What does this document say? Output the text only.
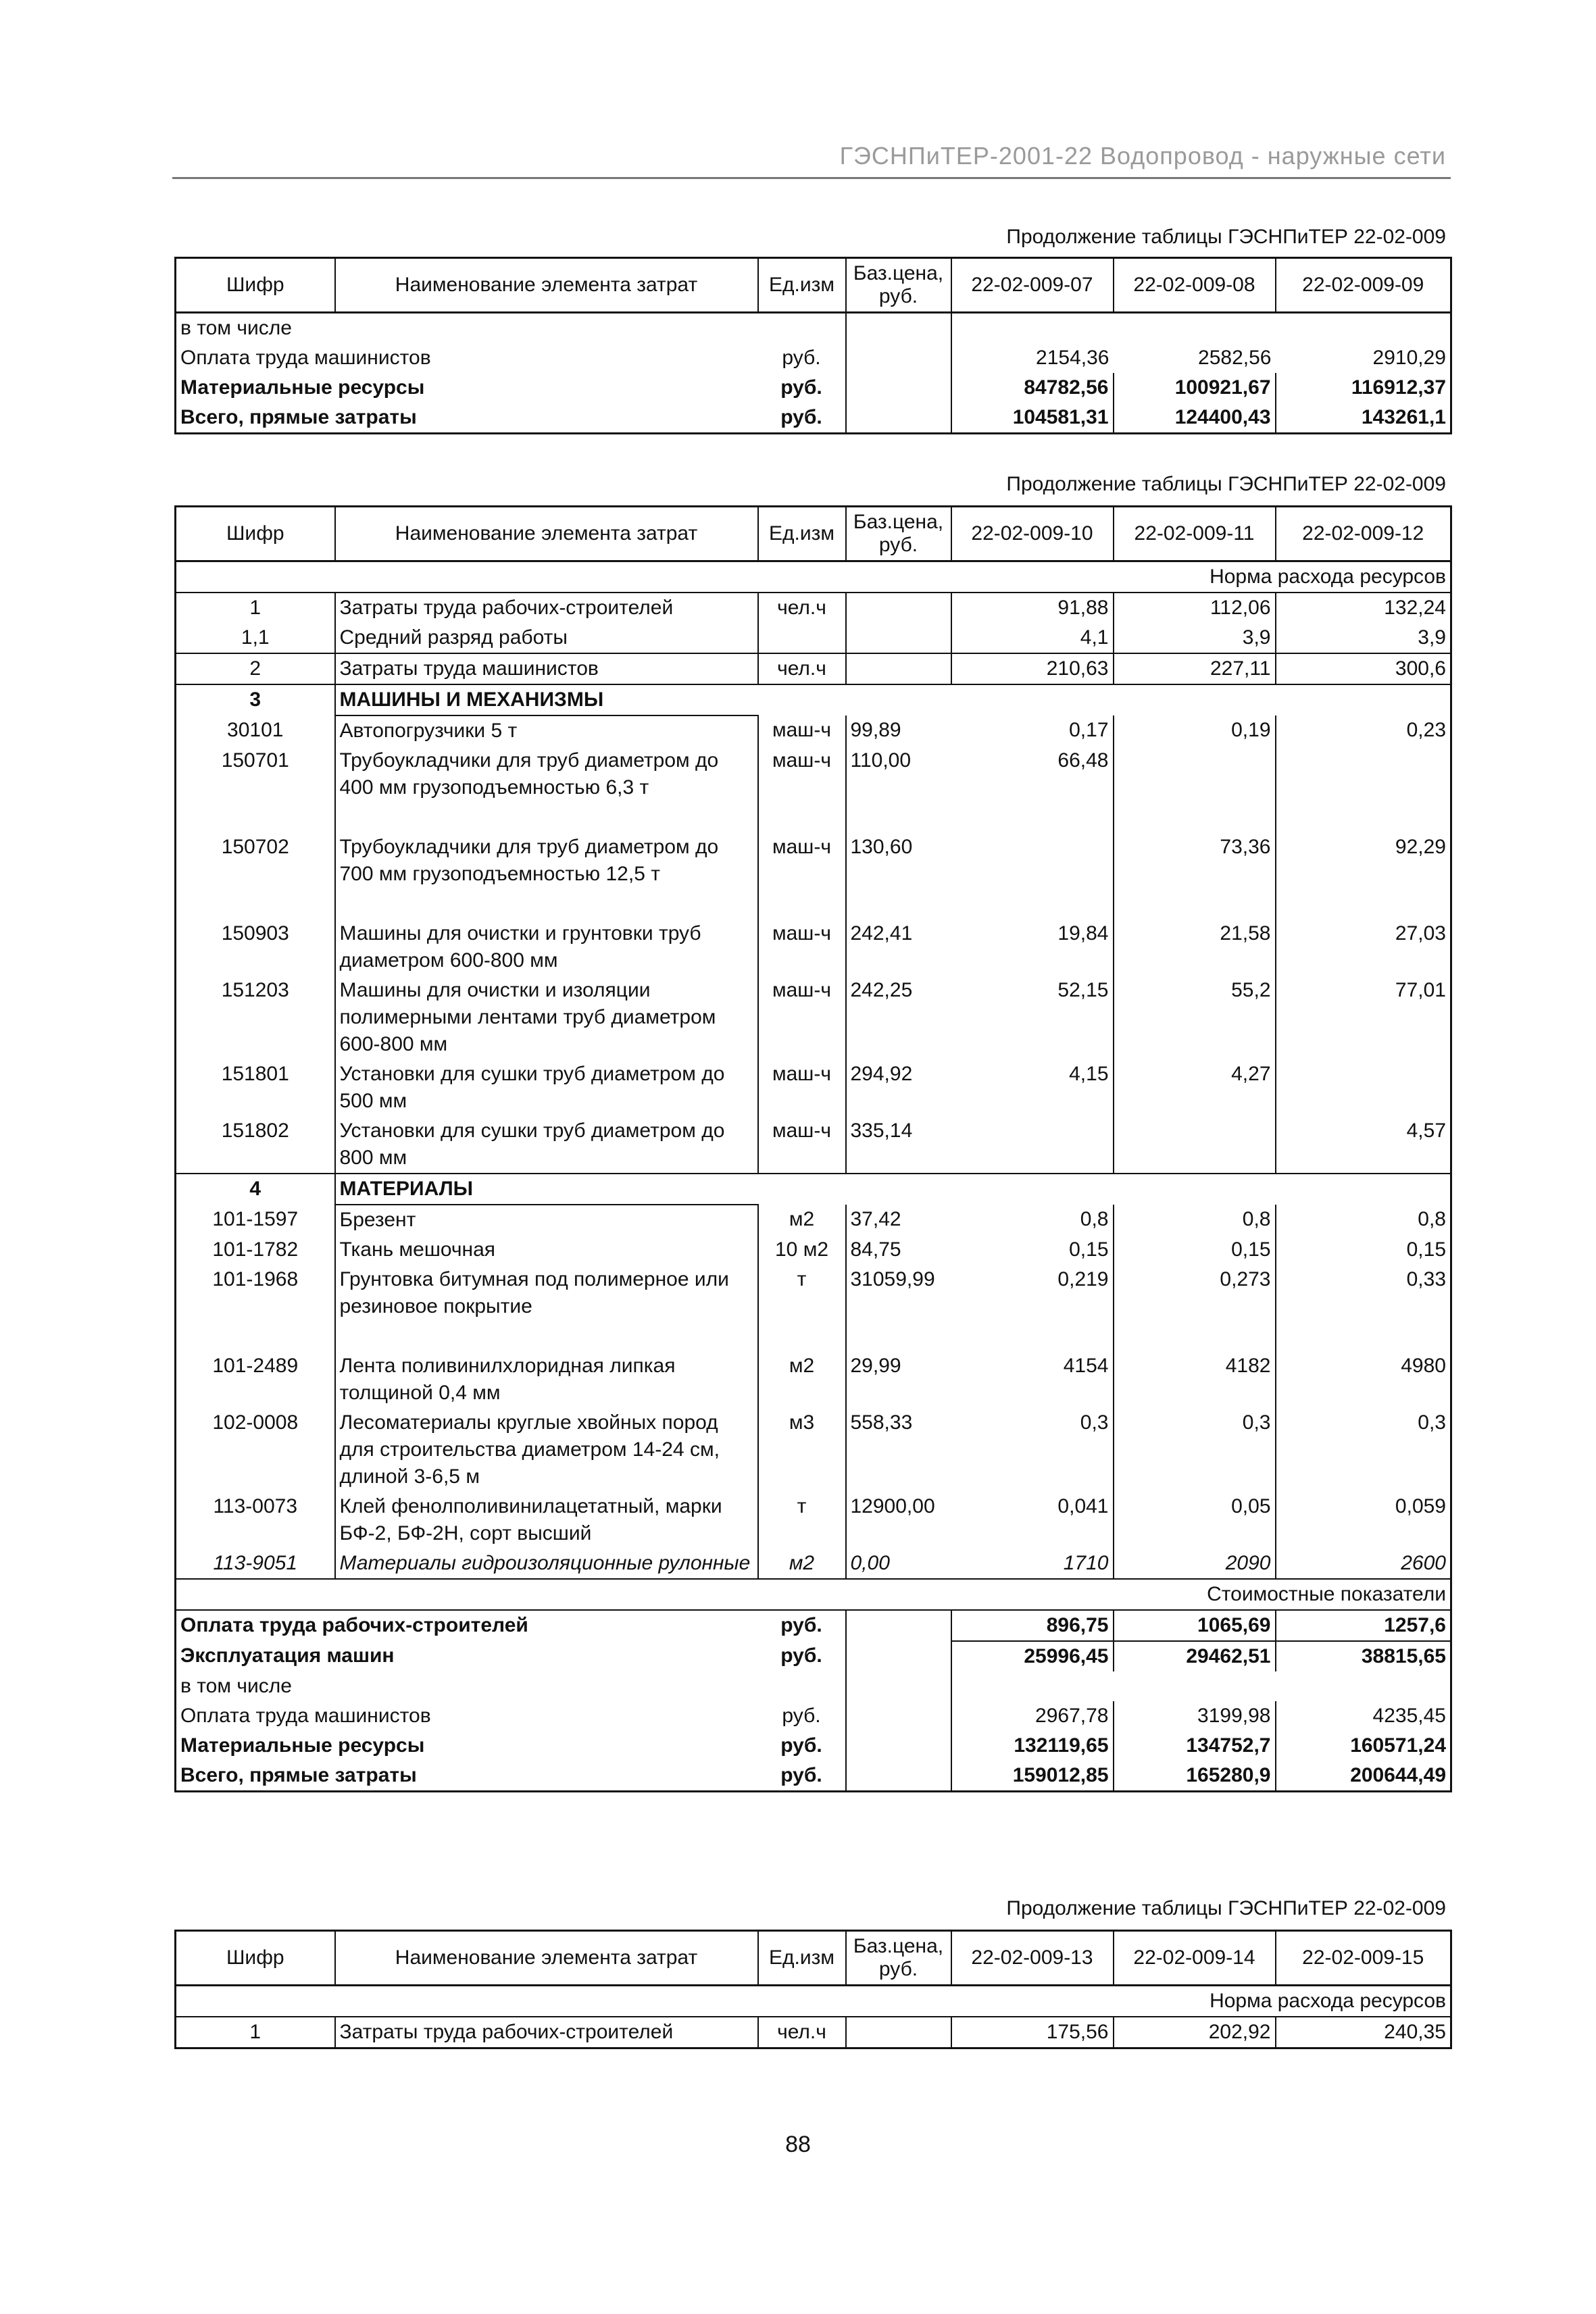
ГЭСНПиТЕР-2001-22 Водопровод - наружные сети
Продолжение таблицы ГЭСНПиТЕР 22-02-009
Шифр	Наименование элемента затрат	Ед.изм	Баз.цена, руб.	22-02-009-07	22-02-009-08	22-02-009-09
в том числе						
Оплата труда машинистов		руб.		2154,36	2582,56	2910,29
Материальные ресурсы		руб.		84782,56	100921,67	116912,37
Всего, прямые затраты		руб.		104581,31	124400,43	143261,1
Продолжение таблицы ГЭСНПиТЕР 22-02-009
Шифр	Наименование элемента затрат	Ед.изм	Баз.цена, руб.	22-02-009-10	22-02-009-11	22-02-009-12
Норма расхода ресурсов						
1	Затраты труда рабочих-строителей	чел.ч		91,88	112,06	132,24
1,1	Средний разряд работы			4,1	3,9	3,9
2	Затраты труда машинистов	чел.ч		210,63	227,11	300,6
3	МАШИНЫ И МЕХАНИЗМЫ					
30101	Автопогрузчики 5 т	маш-ч	99,89	0,17	0,19	0,23
150701	Трубоукладчики для труб диаметром до 400 мм грузоподъемностью 6,3 т	маш-ч	110,00	66,48		
150702	Трубоукладчики для труб диаметром до 700 мм грузоподъемностью 12,5 т	маш-ч	130,60		73,36	92,29
150903	Машины для очистки и грунтовки труб диаметром 600-800 мм	маш-ч	242,41	19,84	21,58	27,03
151203	Машины для очистки и изоляции полимерными лентами труб диаметром 600-800 мм	маш-ч	242,25	52,15	55,2	77,01
151801	Установки для сушки труб диаметром до 500 мм	маш-ч	294,92	4,15	4,27	
151802	Установки для сушки труб диаметром до 800 мм	маш-ч	335,14			4,57
4	МАТЕРИАЛЫ					
101-1597	Брезент	м2	37,42	0,8	0,8	0,8
101-1782	Ткань мешочная	10 м2	84,75	0,15	0,15	0,15
101-1968	Грунтовка битумная под полимерное или резиновое покрытие	т	31059,99	0,219	0,273	0,33
101-2489	Лента поливинилхлоридная липкая толщиной 0,4 мм	м2	29,99	4154	4182	4980
102-0008	Лесоматериалы круглые хвойных пород для строительства диаметром 14-24 см, длиной 3-6,5 м	м3	558,33	0,3	0,3	0,3
113-0073	Клей фенолполивинилацетатный, марки БФ-2, БФ-2Н, сорт высший	т	12900,00	0,041	0,05	0,059
113-9051	Материалы гидроизоляционные рулонные	м2	0,00	1710	2090	2600
Стоимостные показатели						
Оплата труда рабочих-строителей		руб.		896,75	1065,69	1257,6
Эксплуатация машин		руб.		25996,45	29462,51	38815,65
в том числе						
Оплата труда машинистов		руб.		2967,78	3199,98	4235,45
Материальные ресурсы		руб.		132119,65	134752,7	160571,24
Всего, прямые затраты		руб.		159012,85	165280,9	200644,49
Продолжение таблицы ГЭСНПиТЕР 22-02-009
Шифр	Наименование элемента затрат	Ед.изм	Баз.цена, руб.	22-02-009-13	22-02-009-14	22-02-009-15
Норма расхода ресурсов						
1	Затраты труда рабочих-строителей	чел.ч		175,56	202,92	240,35
88
